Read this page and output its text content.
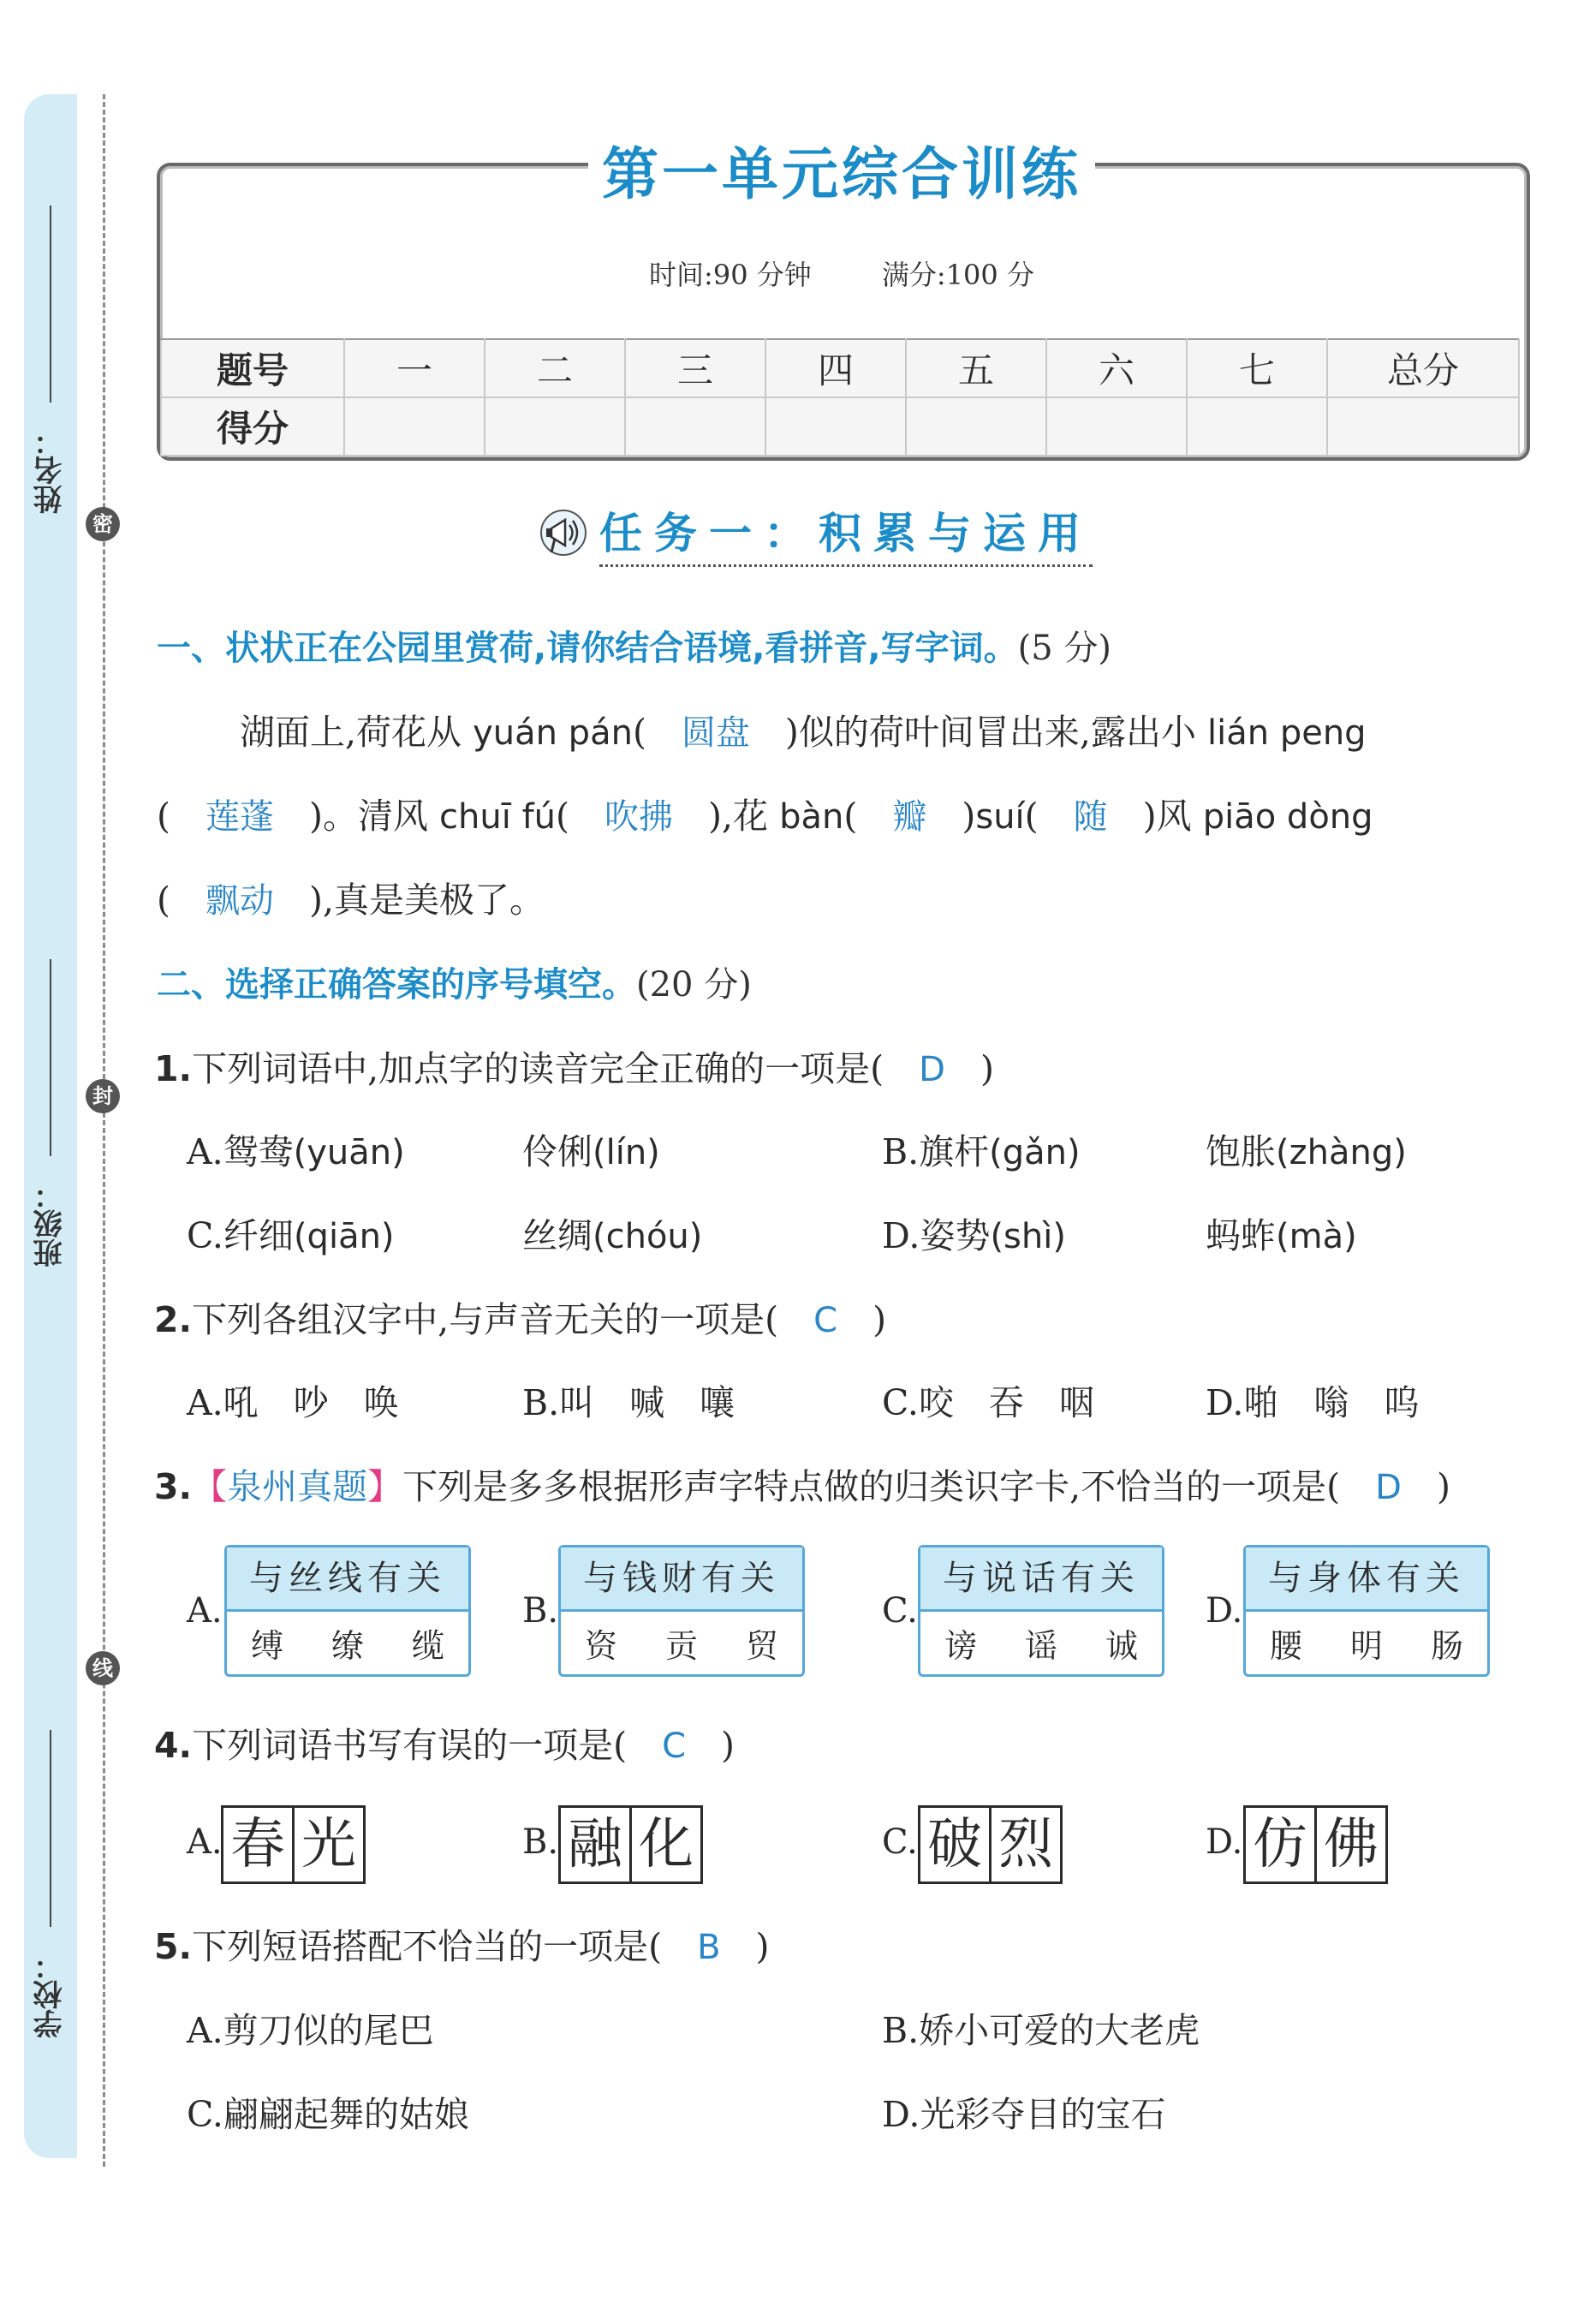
姓名：
班级：
学校：
密
封
线
第一单元综合训练
时间:90 分钟	满分:100 分
题号	一	二	三	四	五	六	七	总分
得分								
任务一：积累与运用
一、状状正在公园里赏荷,请你结合语境,看拼音,写字词。(5 分)
湖面上,荷花从 yuán pán(　圆盘　)似的荷叶间冒出来,露出小 lián peng
(　莲蓬　)。清风 chuī fú(　吹拂　),花 bàn(　瓣　)suí(　随　)风 piāo dòng
(　飘动　),真是美极了。
二、选择正确答案的序号填空。(20 分)
1.下列词语中,加点字的读音完全正确的一项是(　D　)
A.鸳鸯(yuān)	伶俐(lín)	B.旗杆(gǎn)	饱胀(zhàng)
C.纤细(qiān)	丝绸(chóu)	D.姿势(shì)	蚂蚱(mà)
2.下列各组汉字中,与声音无关的一项是(　C　)
A.吼　吵　唤	B.叫　喊　嚷	C.咬　吞　咽	D.啪　嗡　呜
3.【泉州真题】下列是多多根据形声字特点做的归类识字卡,不恰当的一项是(　D　)
A.
与丝线有关
缚 缭 缆
B.
与钱财有关
资 贡 贸
C.
与说话有关
谤 谣 诚
D.
与身体有关
腰 明 肠
4.下列词语书写有误的一项是(　C　)
A. 春 光	B. 融 化	C. 破 烈	D. 仿 佛
5.下列短语搭配不恰当的一项是(　B　)
A.剪刀似的尾巴	B.娇小可爱的大老虎
C.翩翩起舞的姑娘	D.光彩夺目的宝石
